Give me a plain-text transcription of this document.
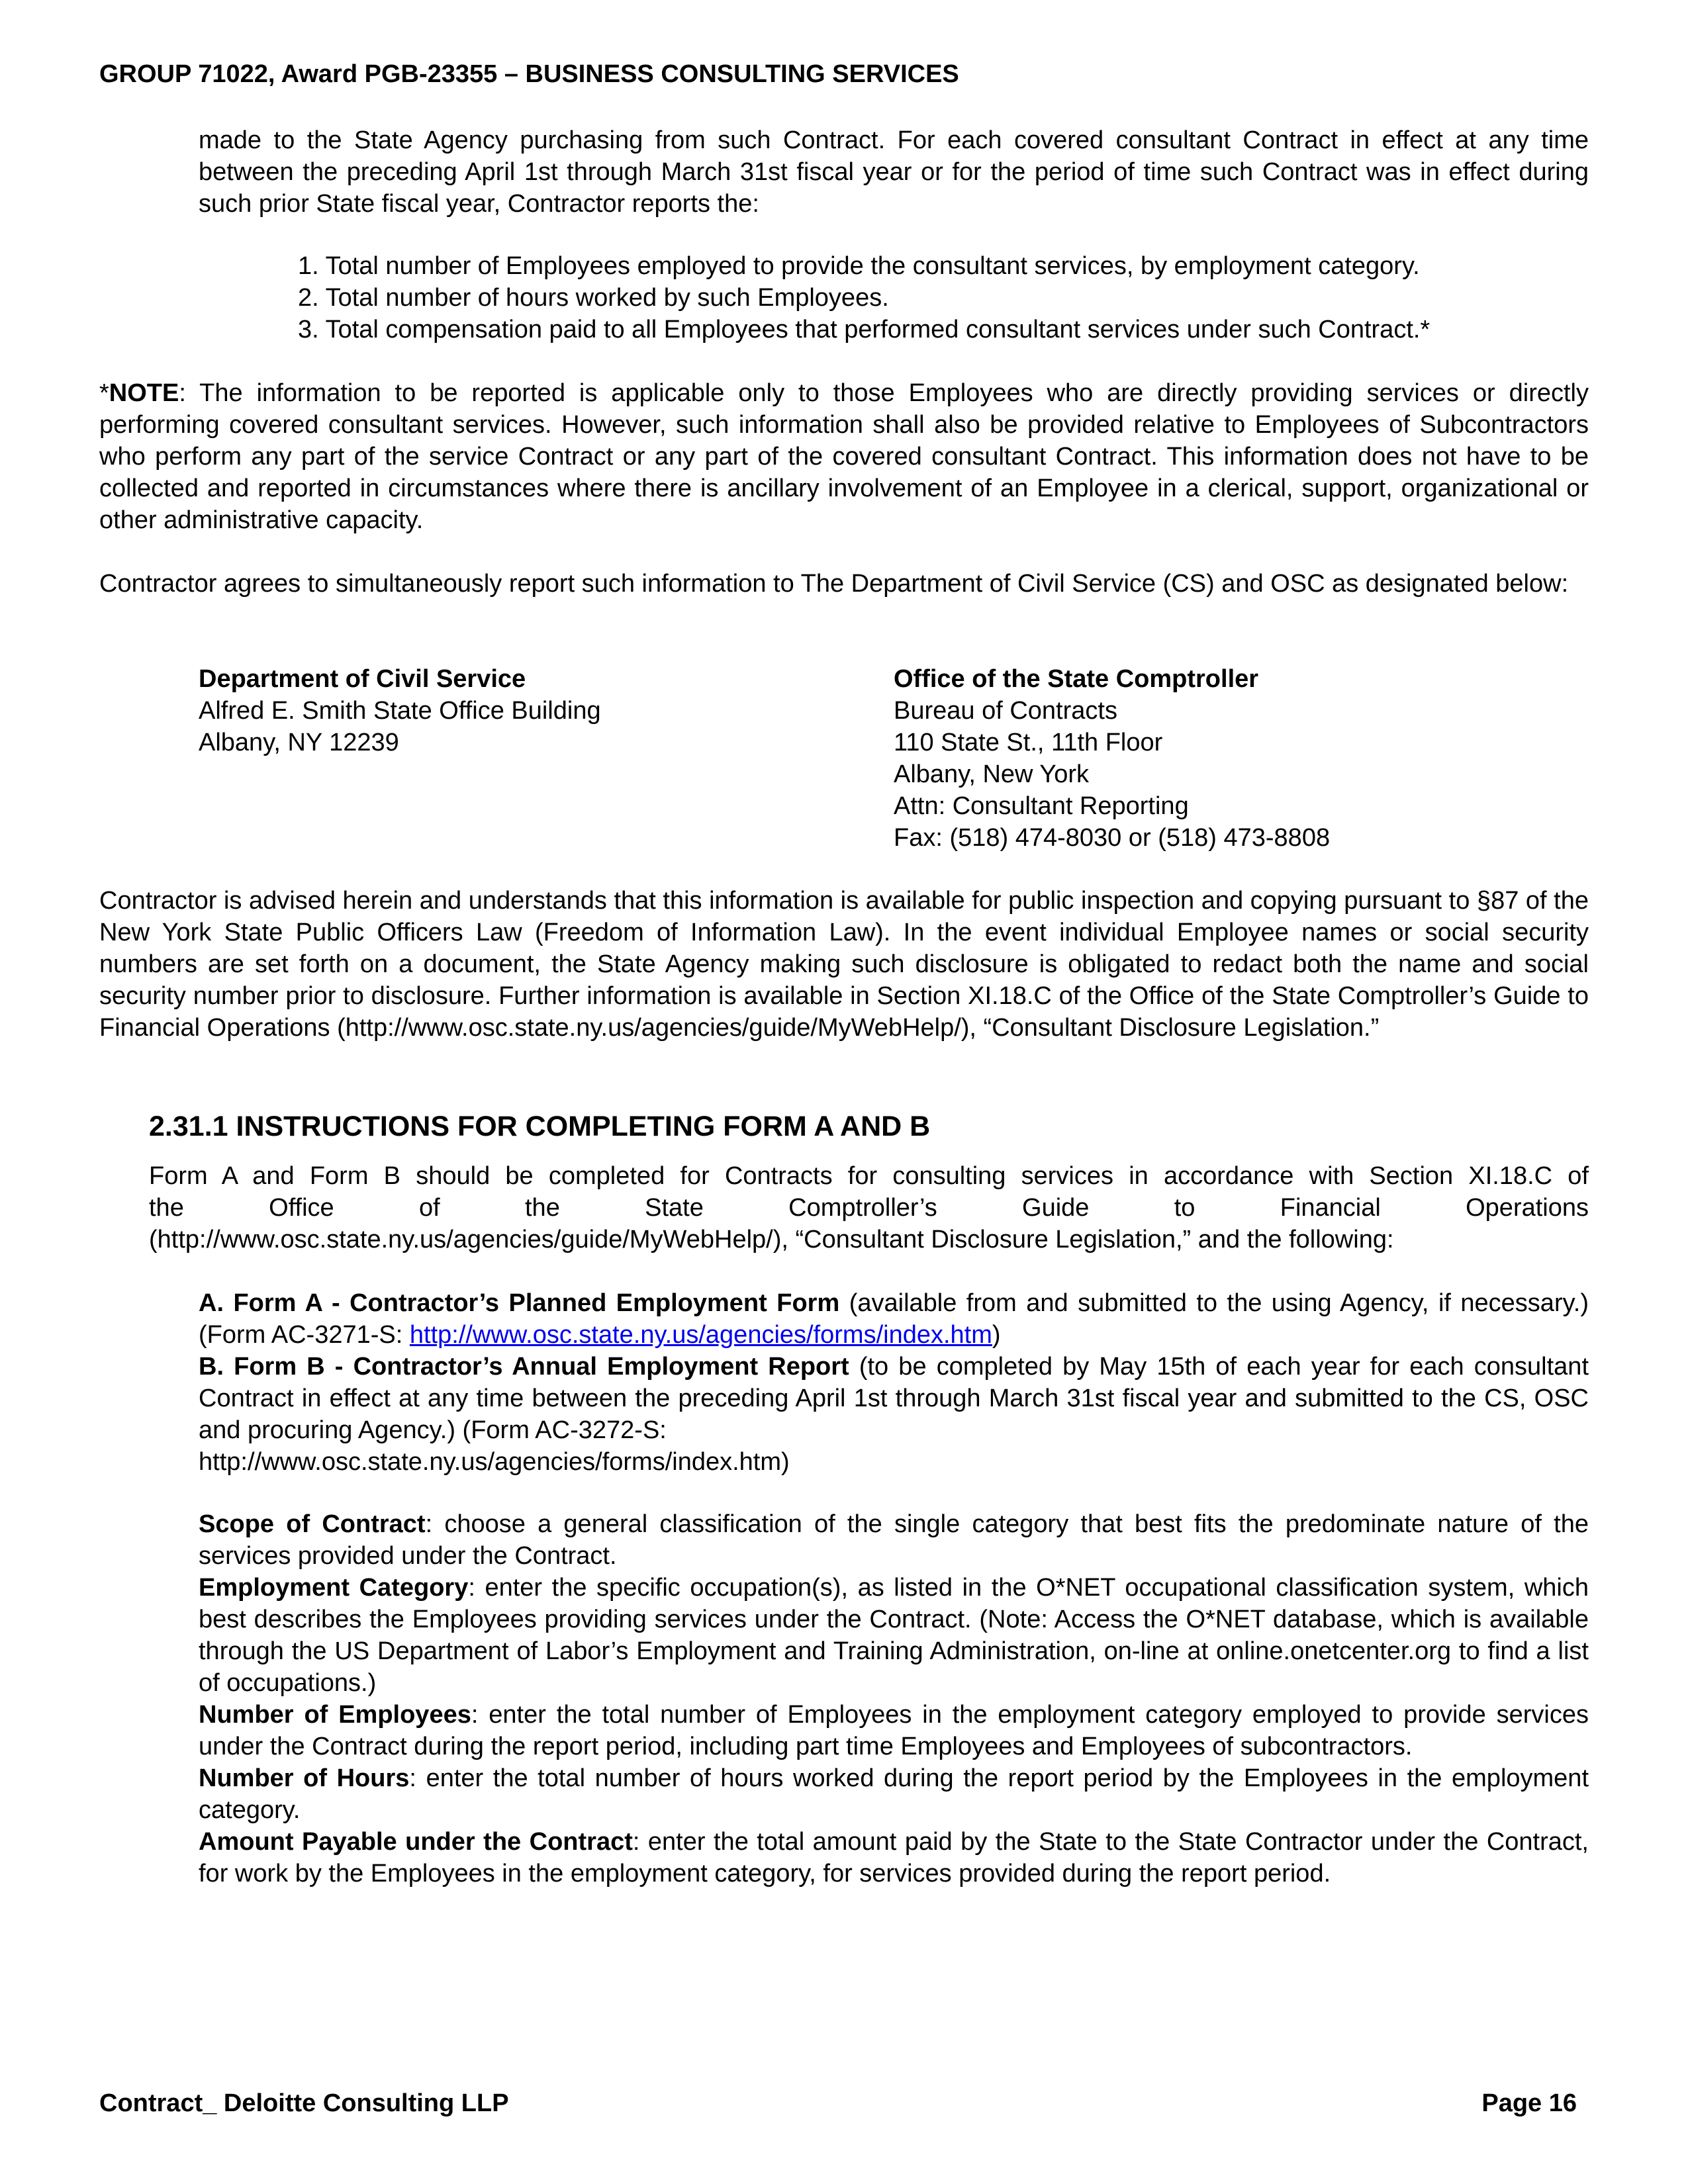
GROUP 71022, Award PGB-23355 – BUSINESS CONSULTING SERVICES

made to the State Agency purchasing from such Contract. For each covered consultant Contract in effect at any time between the preceding April 1st through March 31st fiscal year or for the period of time such Contract was in effect during such prior State fiscal year, Contractor reports the:

1. Total number of Employees employed to provide the consultant services, by employment category.
2. Total number of hours worked by such Employees.
3. Total compensation paid to all Employees that performed consultant services under such Contract.*

*NOTE: The information to be reported is applicable only to those Employees who are directly providing services or directly performing covered consultant services. However, such information shall also be provided relative to Employees of Subcontractors who perform any part of the service Contract or any part of the covered consultant Contract. This information does not have to be collected and reported in circumstances where there is ancillary involvement of an Employee in a clerical, support, organizational or other administrative capacity.

Contractor agrees to simultaneously report such information to The Department of Civil Service (CS) and OSC as designated below:

Department of Civil Service
Alfred E. Smith State Office Building
Albany, NY 12239
Office of the State Comptroller
Bureau of Contracts
110 State St., 11th Floor
Albany, New York
Attn: Consultant Reporting
Fax: (518) 474-8030 or (518) 473-8808

Contractor is advised herein and understands that this information is available for public inspection and copying pursuant to §87 of the New York State Public Officers Law (Freedom of Information Law). In the event individual Employee names or social security numbers are set forth on a document, the State Agency making such disclosure is obligated to redact both the name and social security number prior to disclosure. Further information is available in Section XI.18.C of the Office of the State Comptroller’s Guide to Financial Operations (http://www.osc.state.ny.us/agencies/guide/MyWebHelp/), “Consultant Disclosure Legislation.”

2.31.1 INSTRUCTIONS FOR COMPLETING FORM A AND B
Form A and Form B should be completed for Contracts for consulting services in accordance with Section XI.18.C of
the Office of the State Comptroller’s Guide to Financial Operations
(http://www.osc.state.ny.us/agencies/guide/MyWebHelp/), “Consultant Disclosure Legislation,” and the following:

A. Form A - Contractor’s Planned Employment Form (available from and submitted to the using Agency, if necessary.) (Form AC-3271-S: http://www.osc.state.ny.us/agencies/forms/index.htm)

B. Form B - Contractor’s Annual Employment Report (to be completed by May 15th of each year for each consultant Contract in effect at any time between the preceding April 1st through March 31st fiscal year and submitted to the CS, OSC and procuring Agency.) (Form AC-3272-S:

http://www.osc.state.ny.us/agencies/forms/index.htm)

Scope of Contract: choose a general classification of the single category that best fits the predominate nature of the services provided under the Contract.

Employment Category: enter the specific occupation(s), as listed in the O*NET occupational classification system, which best describes the Employees providing services under the Contract. (Note: Access the O*NET database, which is available through the US Department of Labor’s Employment and Training Administration, on-line at online.onetcenter.org to find a list of occupations.)

Number of Employees: enter the total number of Employees in the employment category employed to provide services under the Contract during the report period, including part time Employees and Employees of subcontractors.

Number of Hours: enter the total number of hours worked during the report period by the Employees in the employment category.

Amount Payable under the Contract: enter the total amount paid by the State to the State Contractor under the Contract, for work by the Employees in the employment category, for services provided during the report period.

Contract_ Deloitte Consulting LLP	Page 16
